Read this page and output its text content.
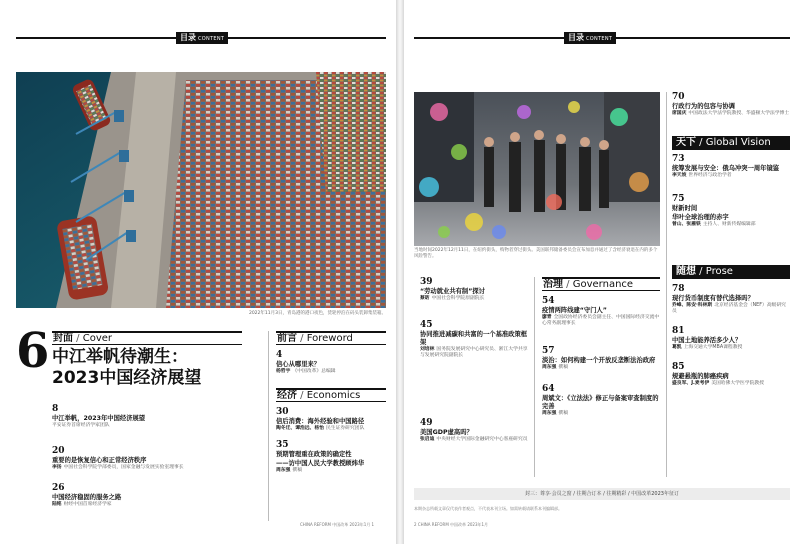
目录 CONTENT
2022年11月3日，青岛港的港口夜色，货轮停泊在码头装卸集装箱。
6 封面 / Cover
中江举帆待潮生：
2023中国经济展望
8
中江举帆，2023年中国经济展望
平安证券首席经济学家团队
20
重要的是恢复信心和正常经济秩序
李扬 中国社会科学院学部委员，国家金融与发展实验室理事长
26
中国经济稳固的服务之路
陆铭 财经中国首席经济学家
前言 / Foreword
4
信心从哪里来？
杨哲宇 《中国改革》总编辑
经济 / Economics
30
信后消费：海外经验和中国路径
陶冬迁、谭浩远、杨怡 民生证券研究团队
35
预期管理重在政策的确定性
——访中国人民大学教授顾炜华
周东强 撰稿
CHINA REFORM 中国改革 2023年1月 1
目录 CONTENT
当地时间2022年12月11日，在纽约街头，购物者穿过街头。美国联邦储备委员会宣布加息并通过了含经济衰退在内的多个风险警告。
39
“劳动就业共有制”探讨
蔡昉 中国社会科学院原副院长
45
协同推进减碳和共富的一个基准政策框架
刘培林 国务院发展研究中心研究员、浙江大学共享与发展研究院副院长
49
美国GDP虚高吗？
张启迪 中央财经大学国际金融研究中心客座研究员
治理 / Governance
54
疫情两阵线建“守门人”
廖青 全国政协经济委员会副主任、中国国际经济交流中心常务副理事长
57
淡治：如何构建一个开放反垄断法治政府
周东强 撰稿
64
周斌文：《立法法》修正与备案审查制度的完善
周东强 撰稿
70
行政行为的包容与协调
席国庆 中国政法大学法学院教授、华盛顿大学法学博士
天下 / Global Vision
73
统筹发展与安全：俄乌冲突一周年镜鉴
李天坡 世界经济与政治学者
75
财新时间
华叶全球治理的赤字
曾山、张雁铁 主持人、财新传媒编辑部
随想 / Prose
78
现行货币制度有替代选择吗？
乔峰、陈安·科林斯 北京经济基金会（NEF）高级研究员
81
中国土地能养活多少人？
葛凯 上海交通大学MBA课程教授
85
规避悬瓶的肺癌疾病
盛良军、J.麦考伊 美国哈佛大学医学院教授
封三：尊享·会员之窗 / 往期合订本 / 往期精彩 / 中国改革2023年征订
本期杂志所载文章仅代表作者观点，不代表本刊立场。如需转载请联系本刊编辑部。
2 CHINA REFORM 中国改革 2023年1月
